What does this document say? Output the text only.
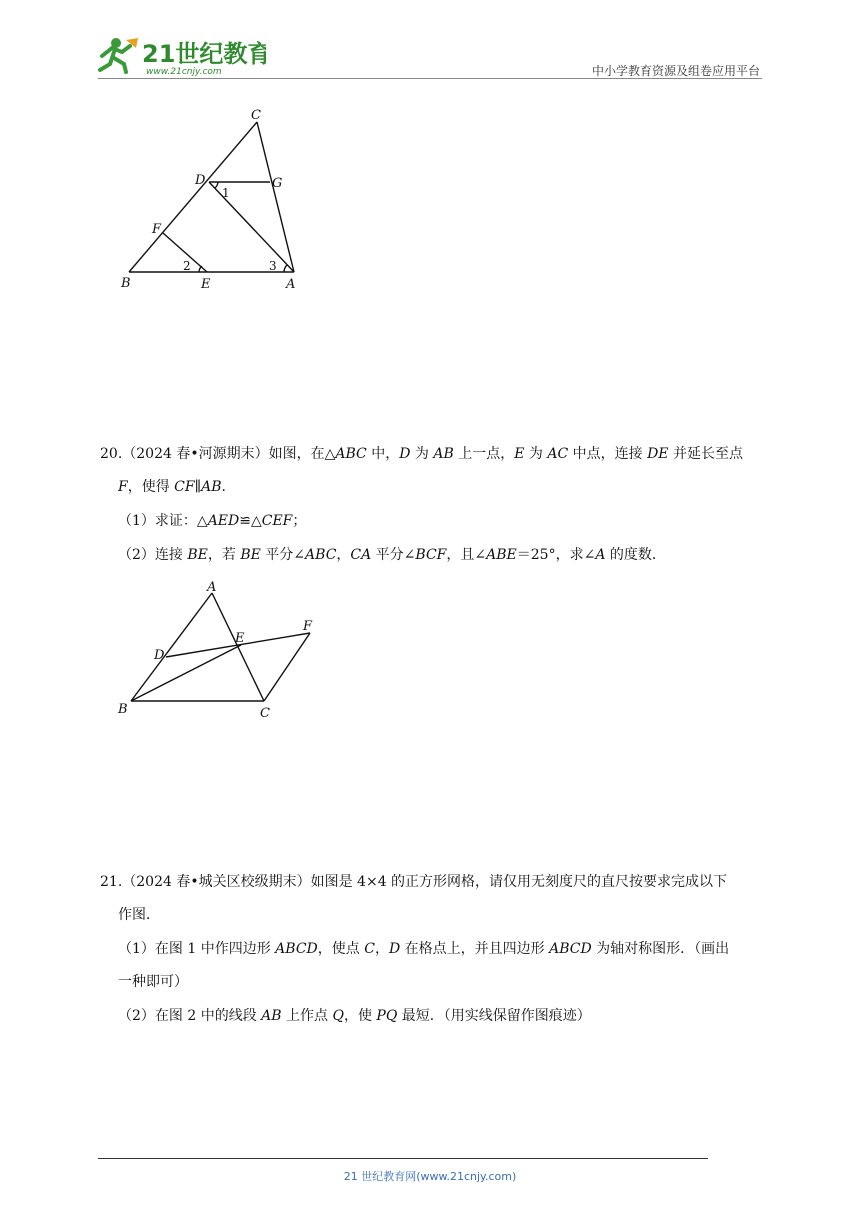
21世纪教育
www.21cnjy.com	中小学教育资源及组卷应用平台
C
D	G
F
B	E	A
1
2	3
20.（2024 春•河源期末）如图，在△ABC 中，D 为 AB 上一点，E 为 AC 中点，连接 DE 并延长至点
F，使得 CF∥AB．
（1）求证：△AED≌△CEF；
（2）连接 BE，若 BE 平分∠ABC，CA 平分∠BCF，且∠ABE＝25°，求∠A 的度数．
A
D
E
F
B	C
21.（2024 春•城关区校级期末）如图是 4×4 的正方形网格，请仅用无刻度尺的直尺按要求完成以下
作图．
（1）在图 1 中作四边形 ABCD，使点 C，D 在格点上，并且四边形 ABCD 为轴对称图形．（画出
一种即可）
（2）在图 2 中的线段 AB 上作点 Q，使 PQ 最短．（用实线保留作图痕迹）
21 世纪教育网(www.21cnjy.com)
